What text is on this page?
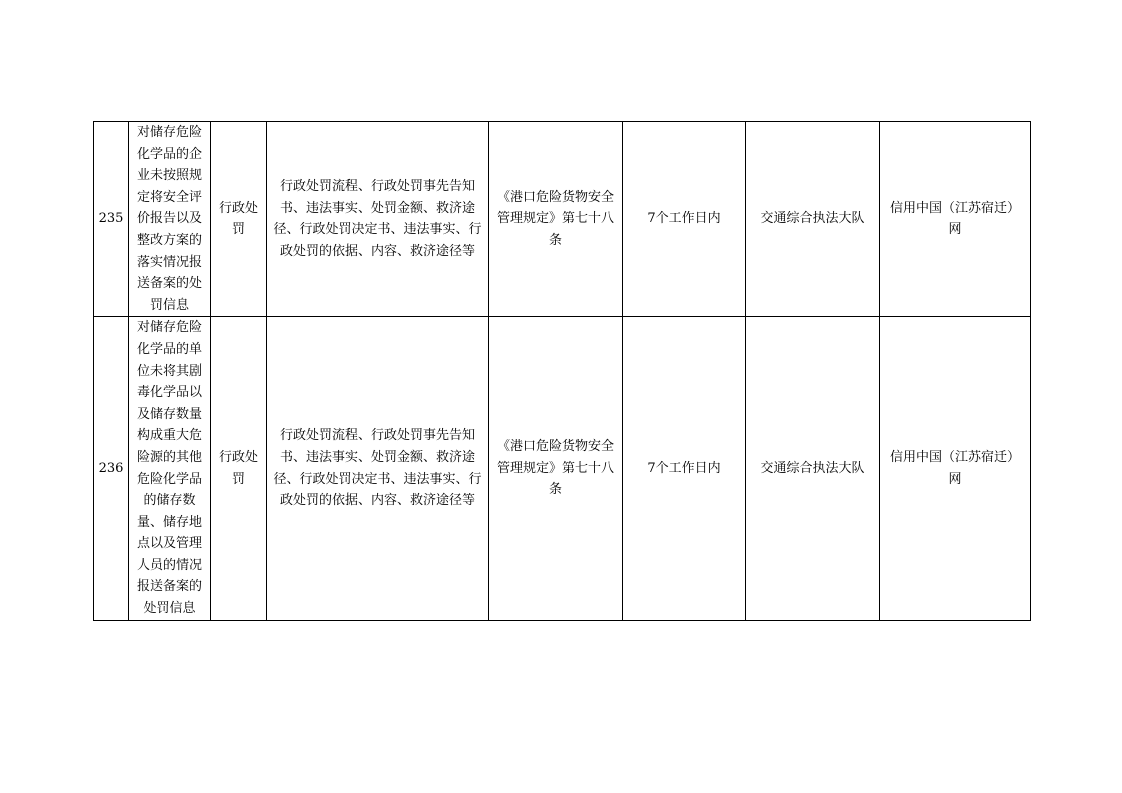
235	对储存危险化学品的企业未按照规定将安全评价报告以及整改方案的落实情况报送备案的处罚信息	行政处罚	行政处罚流程、行政处罚事先告知书、违法事实、处罚金额、救济途径、行政处罚决定书、违法事实、行政处罚的依据、内容、救济途径等	《港口危险货物安全管理规定》第七十八条	7个工作日内	交通综合执法大队	信用中国（江苏宿迁）网
236	对储存危险化学品的单位未将其剧毒化学品以及储存数量构成重大危险源的其他危险化学品的储存数量、储存地点以及管理人员的情况报送备案的处罚信息	行政处罚	行政处罚流程、行政处罚事先告知书、违法事实、处罚金额、救济途径、行政处罚决定书、违法事实、行政处罚的依据、内容、救济途径等	《港口危险货物安全管理规定》第七十八条	7个工作日内	交通综合执法大队	信用中国（江苏宿迁）网
